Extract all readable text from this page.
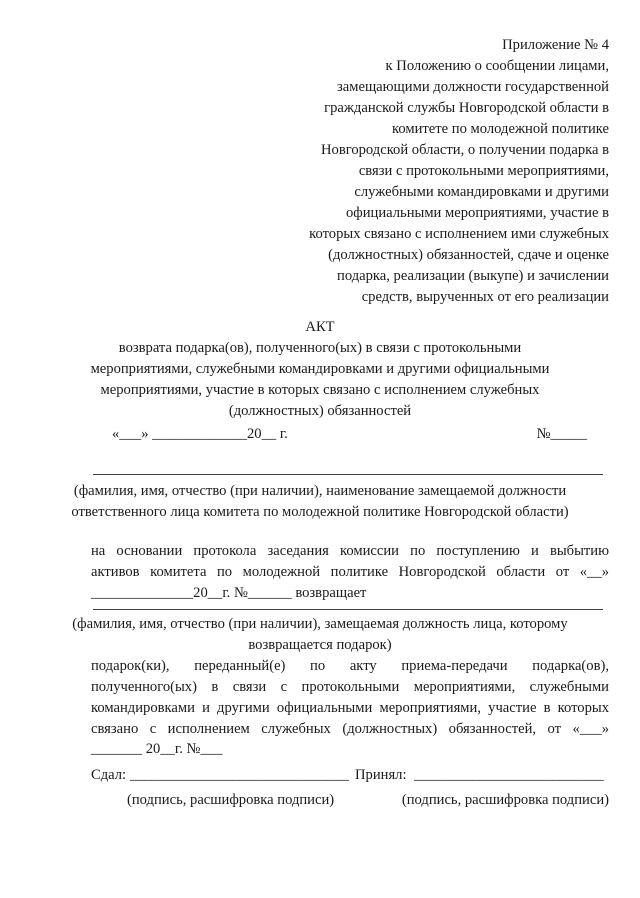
Приложение № 4
к Положению о сообщении лицами,
замещающими должности государственной
гражданской службы Новгородской области в
комитете по молодежной политике
Новгородской области, о получении подарка в
связи с протокольными мероприятиями,
служебными командировками и другими
официальными мероприятиями, участие в
которых связано с исполнением ими служебных
(должностных) обязанностей, сдаче и оценке
подарка, реализации (выкупе) и зачислении
средств, вырученных от его реализации
АКТ
возврата подарка(ов), полученного(ых) в связи с протокольными
мероприятиями, служебными командировками и другими официальными
мероприятиями, участие в которых связано с исполнением служебных
(должностных) обязанностей
«___» _____________20__ г.	№_____
(фамилия, имя, отчество (при наличии), наименование замещаемой должности
ответственного лица комитета по молодежной политике Новгородской области)
на основании протокола заседания комиссии по поступлению и выбытию
активов комитета по молодежной политике Новгородской области от «__»
______________20__г. №______ возвращает
(фамилия, имя, отчество (при наличии), замещаемая должность лица, которому
возвращается подарок)
подарок(ки), переданный(е) по акту приема-передачи подарка(ов),
полученного(ых) в связи с протокольными мероприятиями, служебными
командировками и другими официальными мероприятиями, участие в которых
связано с исполнением служебных (должностных) обязанностей, от «___»
_______ 20__г. №___
Сдал: ______________________________
(подпись, расшифровка подписи)
Принял: __________________________
(подпись, расшифровка подписи)
